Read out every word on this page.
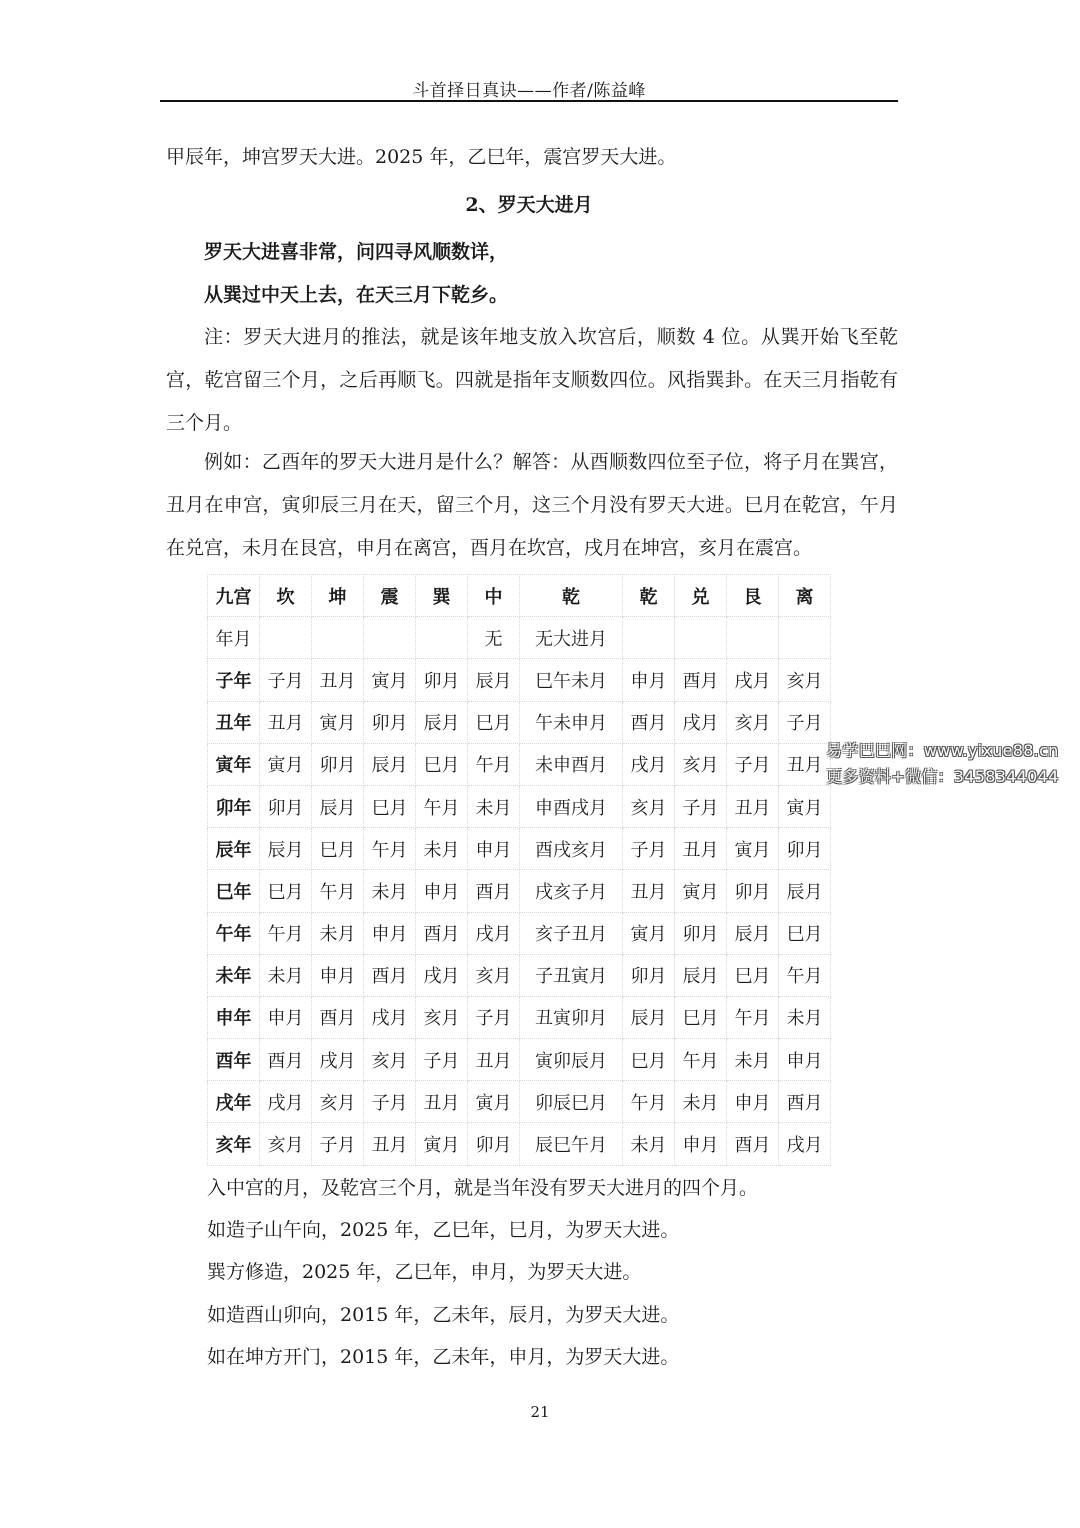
斗首择日真诀——作者/陈益峰
甲辰年，坤宫罗天大进。2025 年，乙巳年，震宫罗天大进。
2、罗天大进月
罗天大进喜非常，问四寻风顺数详，
从巽过中天上去，在天三月下乾乡。
注：罗天大进月的推法，就是该年地支放入坎宫后，顺数 4 位。从巽开始飞至乾宫，乾宫留三个月，之后再顺飞。四就是指年支顺数四位。风指巽卦。在天三月指乾有三个月。
例如：乙酉年的罗天大进月是什么？解答：从酉顺数四位至子位，将子月在巽宫，丑月在申宫，寅卯辰三月在天，留三个月，这三个月没有罗天大进。巳月在乾宫，午月在兑宫，未月在艮宫，申月在离宫，酉月在坎宫，戌月在坤宫，亥月在震宫。
九宫	坎	坤	震	巽	中	乾	乾	兑	艮	离
年月					无	无大进月				
子年	子月	丑月	寅月	卯月	辰月	巳午未月	申月	酉月	戌月	亥月
丑年	丑月	寅月	卯月	辰月	巳月	午未申月	酉月	戌月	亥月	子月
寅年	寅月	卯月	辰月	巳月	午月	未申酉月	戌月	亥月	子月	丑月
卯年	卯月	辰月	巳月	午月	未月	申酉戌月	亥月	子月	丑月	寅月
辰年	辰月	巳月	午月	未月	申月	酉戌亥月	子月	丑月	寅月	卯月
巳年	巳月	午月	未月	申月	酉月	戌亥子月	丑月	寅月	卯月	辰月
午年	午月	未月	申月	酉月	戌月	亥子丑月	寅月	卯月	辰月	巳月
未年	未月	申月	酉月	戌月	亥月	子丑寅月	卯月	辰月	巳月	午月
申年	申月	酉月	戌月	亥月	子月	丑寅卯月	辰月	巳月	午月	未月
酉年	酉月	戌月	亥月	子月	丑月	寅卯辰月	巳月	午月	未月	申月
戌年	戌月	亥月	子月	丑月	寅月	卯辰巳月	午月	未月	申月	酉月
亥年	亥月	子月	丑月	寅月	卯月	辰巳午月	未月	申月	酉月	戌月
入中宫的月，及乾宫三个月，就是当年没有罗天大进月的四个月。
如造子山午向，2025 年，乙巳年，巳月，为罗天大进。
巽方修造，2025 年，乙巳年，申月，为罗天大进。
如造酉山卯向，2015 年，乙未年，辰月，为罗天大进。
如在坤方开门，2015 年，乙未年，申月，为罗天大进。
易学巴巴网：www.yixue88.cn
更多资料+微信：3458344044
21
